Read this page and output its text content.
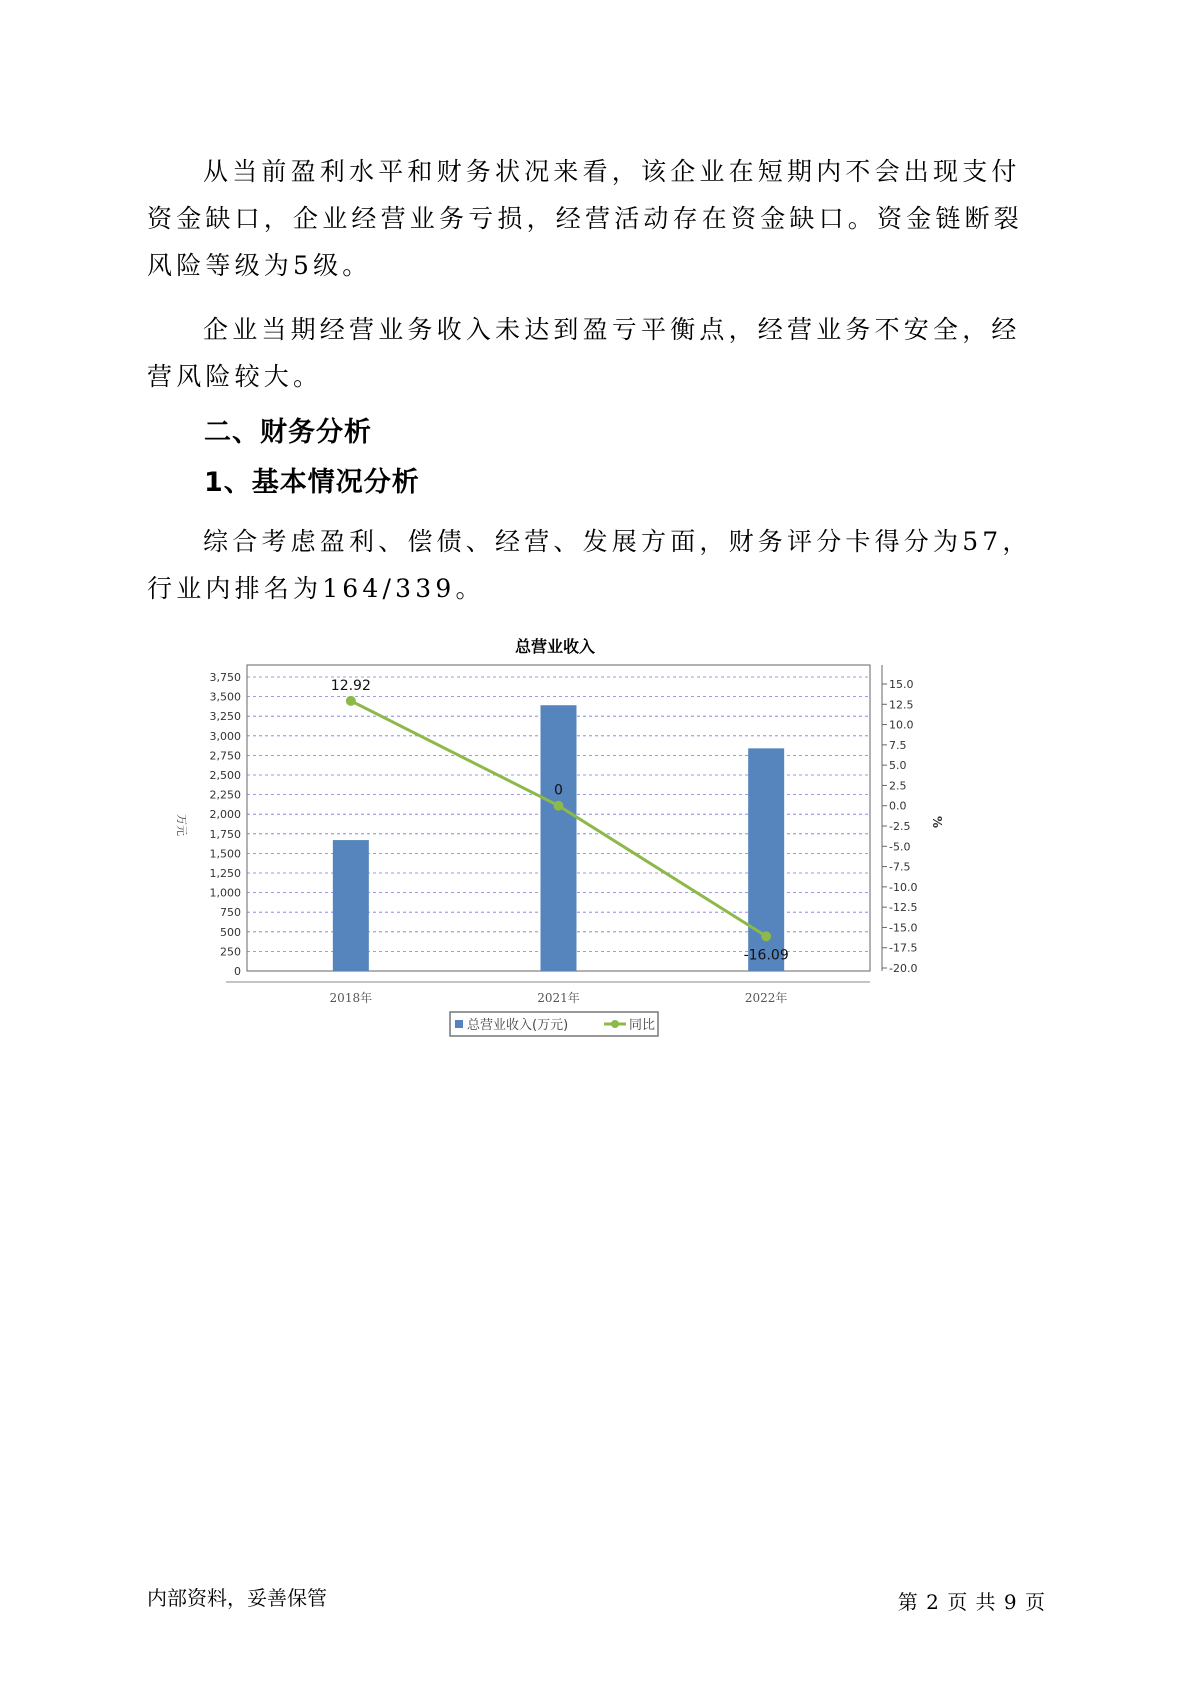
从当前盈利水平和财务状况来看，该企业在短期内不会出现支付资金缺口，企业经营业务亏损，经营活动存在资金缺口。资金链断裂风险等级为5级。

企业当期经营业务收入未达到盈亏平衡点，经营业务不安全，经营风险较大。

二、财务分析
1、基本情况分析

综合考虑盈利、偿债、经营、发展方面，财务评分卡得分为57，行业内排名为164/339。

总营业收入
0
250
500
750
1,000
1,250
1,500
1,750
2,000
2,250
2,500
2,750
3,000
3,250
3,500
3,750
-20.0
-17.5
-15.0
-12.5
-10.0
-7.5
-5.0
-2.5
0.0
2.5
5.0
7.5
10.0
12.5
15.0
万元	%
2018年	2021年	2022年
12.92
0
-16.09
总营业收入(万元)	同比
内部资料，妥善保管	第 2 页 共 9 页
